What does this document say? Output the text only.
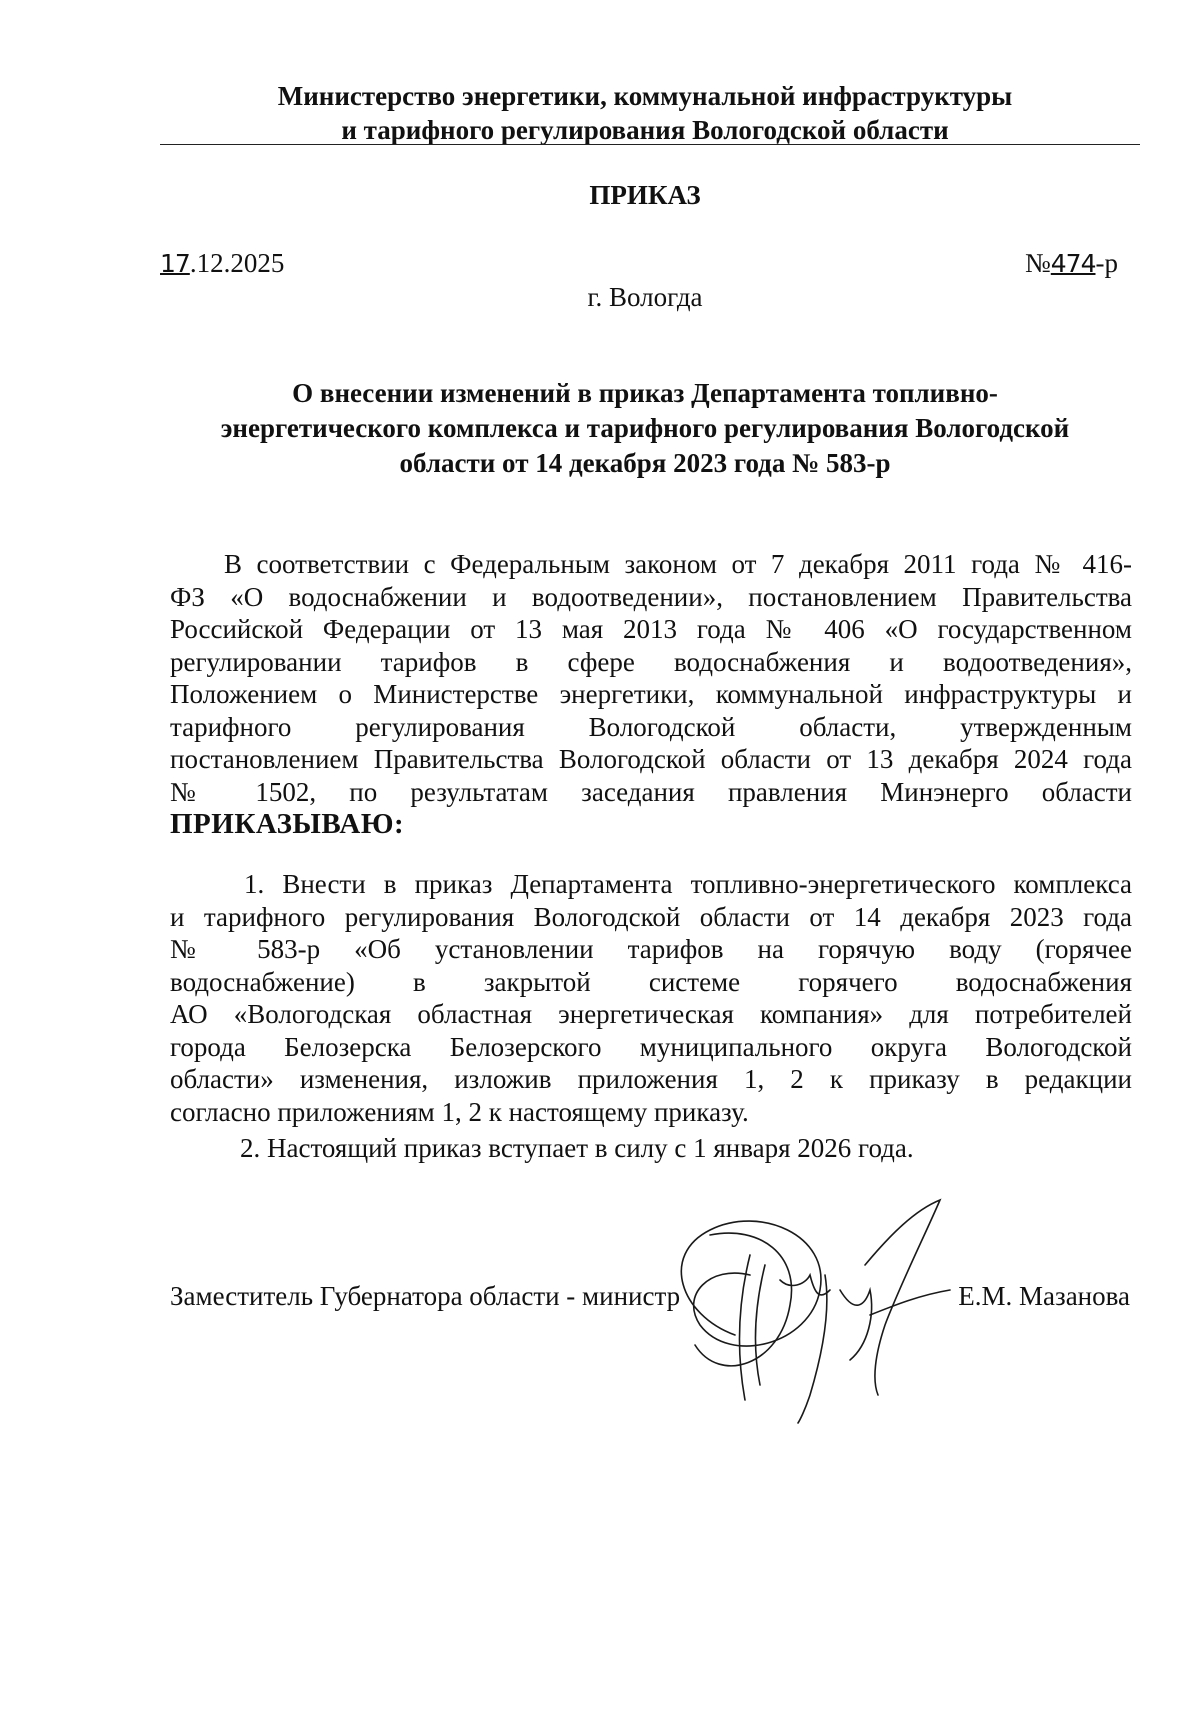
Министерство энергетики, коммунальной инфраструктуры
и тарифного регулирования Вологодской области
ПРИКАЗ
17.12.2025	№474-р
г. Вологда
О внесении изменений в приказ Департамента топливно-
энергетического комплекса и тарифного регулирования Вологодской
области от 14 декабря 2023 года № 583-р
В соответствии с Федеральным законом от 7 декабря 2011 года № 416-
ФЗ «О водоснабжении и водоотведении», постановлением Правительства
Российской Федерации от 13 мая 2013 года № 406 «О государственном
регулировании тарифов в сфере водоснабжения и водоотведения»,
Положением о Министерстве энергетики, коммунальной инфраструктуры и
тарифного регулирования Вологодской области, утвержденным
постановлением Правительства Вологодской области от 13 декабря 2024 года
№ 1502, по результатам заседания правления Минэнерго области
ПРИКАЗЫВАЮ:
1. Внести в приказ Департамента топливно-энергетического комплекса
и тарифного регулирования Вологодской области от 14 декабря 2023 года
№ 583-р «Об установлении тарифов на горячую воду (горячее
водоснабжение) в закрытой системе горячего водоснабжения
АО «Вологодская областная энергетическая компания» для потребителей
города Белозерска Белозерского муниципального округа Вологодской
области» изменения, изложив приложения 1, 2 к приказу в редакции
согласно приложениям 1, 2 к настоящему приказу.
2. Настоящий приказ вступает в силу с 1 января 2026 года.
Заместитель Губернатора области - министр	Е.М. Мазанова
